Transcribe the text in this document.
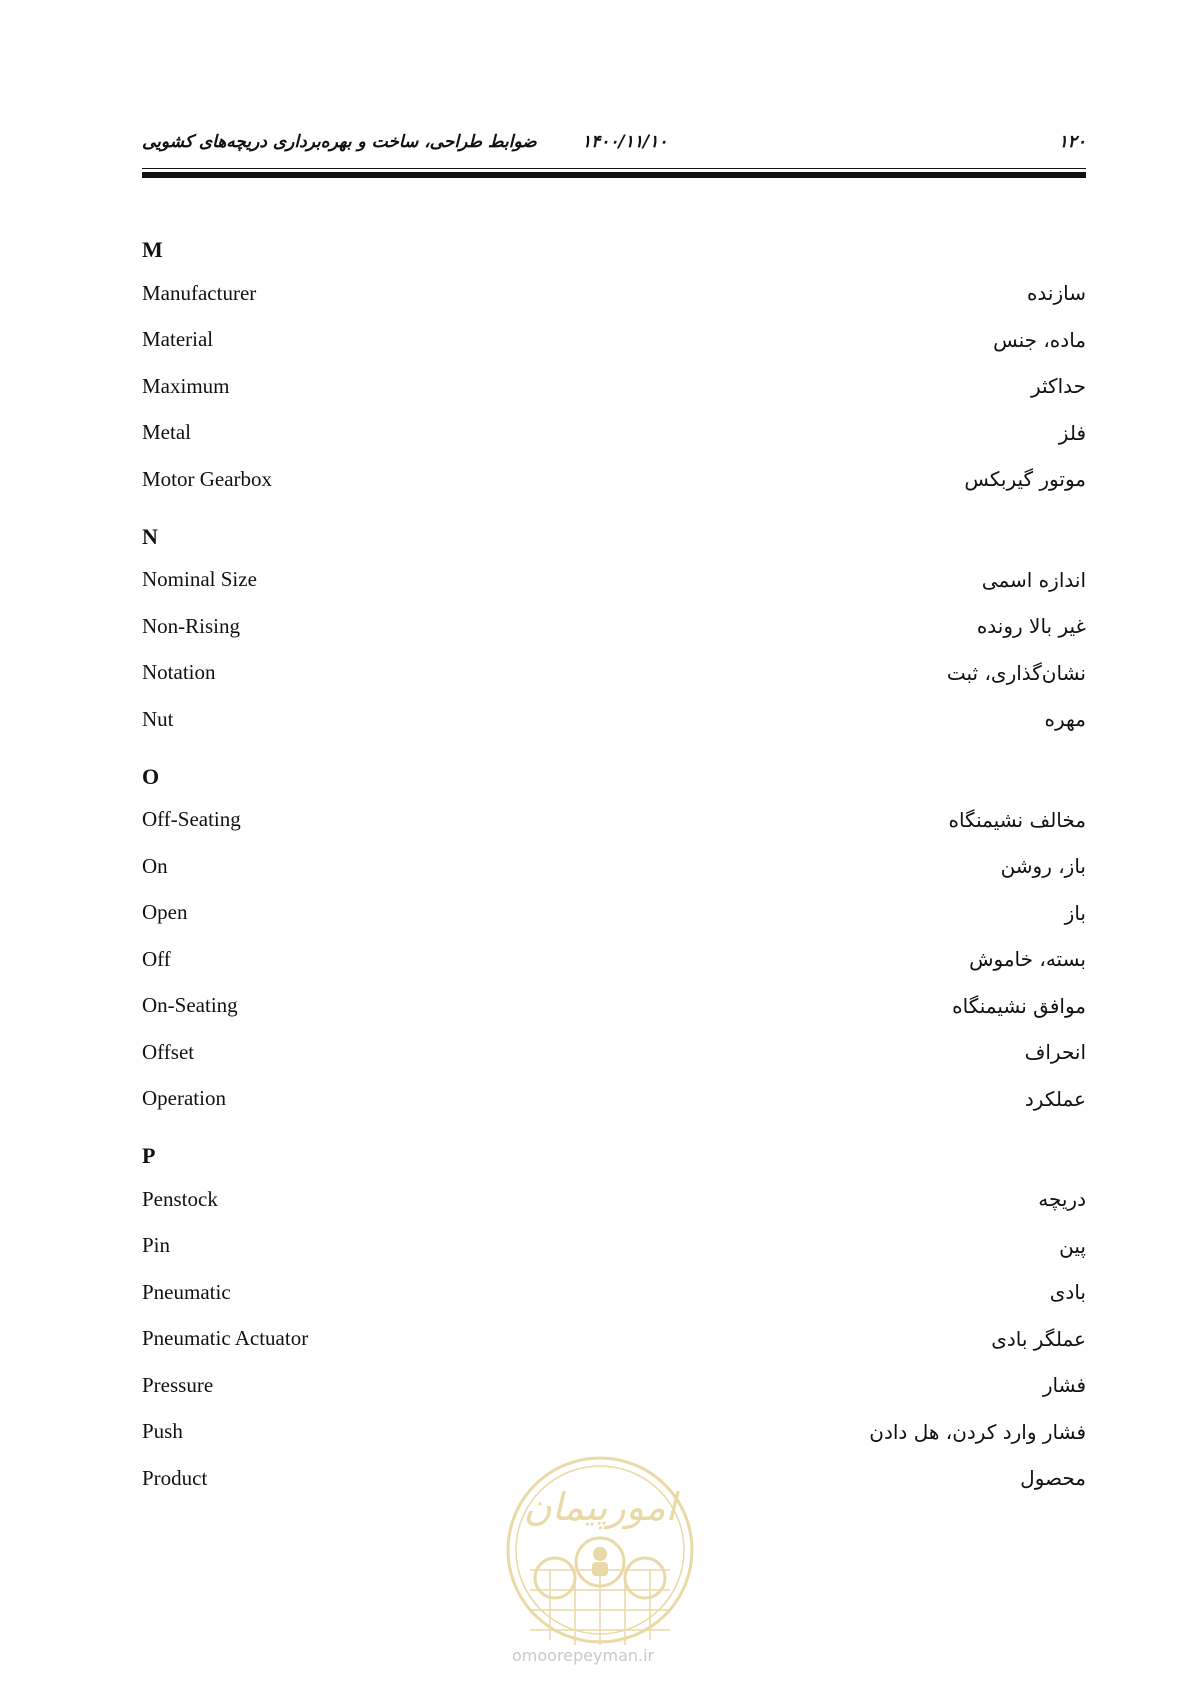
ضوابط طراحی، ساخت و بهره‌برداری دریچه‌های کشویی	۱۴۰۰/۱۱/۱۰	۱۲۰
M
Manufacturer	سازنده
Material	ماده، جنس
Maximum	حداکثر
Metal	فلز
Motor Gearbox	موتور گیربکس
N
Nominal Size	اندازه اسمی
Non-Rising	غیر بالا رونده
Notation	نشان‌گذاری، ثبت
Nut	مهره
O
Off-Seating	مخالف نشیمنگاه
On	باز، روشن
Open	باز
Off	بسته، خاموش
On-Seating	موافق نشیمنگاه
Offset	انحراف
Operation	عملکرد
P
Penstock	دریچه
Pin	پین
Pneumatic	بادی
Pneumatic Actuator	عملگر بادی
Pressure	فشار
Push	فشار وارد کردن، هل دادن
Product	محصول
امورپیمان
omoorepeyman.ir
